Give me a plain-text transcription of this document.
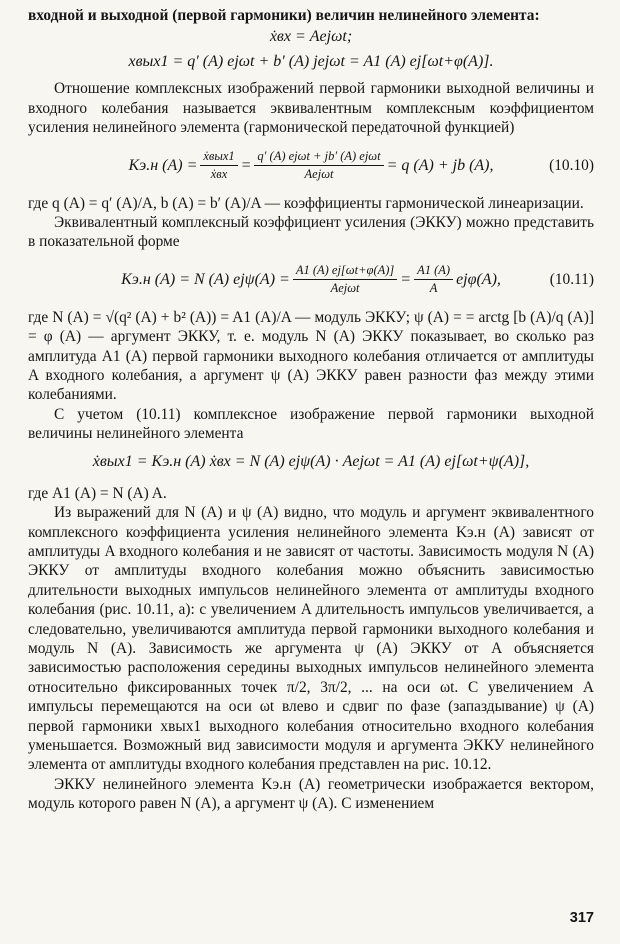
входной и выходной (первой гармоники) величин нелинейного элемента:

ẋвх = Aejωt;
xвых1 = q′ (A) ejωt + b′ (A) jejωt = A1 (A) ej[ωt+φ(A)].

Отношение комплексных изображений первой гармоники выходной величины и входного колебания называется эквивалентным комплексным коэффициентом усиления нелинейного элемента (гармонической передаточной функцией)

Kэ.н $(A) = \frac{\text{ẋвых1}}{\text{ẋвх}} = \frac{\text{q′ (A) ejωt + jb′ (A) ejωt}}{\text{Aejωt}} = q$ (A) + jb (A),	(10.10)

где q (A) = q′ (A)/A, b (A) = b′ (A)/A — коэффициенты гармонической линеаризации.

Эквивалентный комплексный коэффициент усиления (ЭККУ) можно представить в показательной форме

Kэ.н (A) = N (A) $ej\psi(A) = \frac{A1 (A) ej[\omega t+\varphi(A)]}{\text{Aejωt}} = \frac{A1 (A)}{A} ej\varphi(A)$,	(10.11)

где N (A) = √(q² (A) + b² (A)) = A1 (A)/A — модуль ЭККУ; ψ (A) = = arctg [b (A)/q (A)] = φ (A) — аргумент ЭККУ, т. е. модуль N (A) ЭККУ показывает, во сколько раз амплитуда A1 (A) первой гармоники выходного колебания отличается от амплитуды A входного колебания, а аргумент ψ (A) ЭККУ равен разности фаз между этими колебаниями.

С учетом (10.11) комплексное изображение первой гармоники выходной величины нелинейного элемента

ẋвых1 = Kэ.н (A) ẋвх = N (A) ejψ(A) · Aejωt = A1 (A) ej[ωt+ψ(A)],

где A1 (A) = N (A) A.

Из выражений для N (A) и ψ (A) видно, что модуль и аргумент эквивалентного комплексного коэффициента усиления нелинейного элемента Kэ.н (A) зависят от амплитуды A входного колебания и не зависят от частоты. Зависимость модуля N (A) ЭККУ от амплитуды входного колебания можно объяснить зависимостью длительности выходных импульсов нелинейного элемента от амплитуды входного колебания (рис. 10.11, а): с увеличением A длительность импульсов увеличивается, а следовательно, увеличиваются амплитуда первой гармоники выходного колебания и модуль N (A). Зависимость же аргумента ψ (A) ЭККУ от A объясняется зависимостью расположения середины выходных импульсов нелинейного элемента относительно фиксированных точек π/2, 3π/2, ... на оси ωt. С увеличением A импульсы перемещаются на оси ωt влево и сдвиг по фазе (запаздывание) ψ (A) первой гармоники xвых1 выходного колебания относительно входного колебания уменьшается. Возможный вид зависимости модуля и аргумента ЭККУ нелинейного элемента от амплитуды входного колебания представлен на рис. 10.12.

ЭККУ нелинейного элемента Kэ.н (A) геометрически изображается вектором, модуль которого равен N (A), а аргумент ψ (A). С изменением

317
